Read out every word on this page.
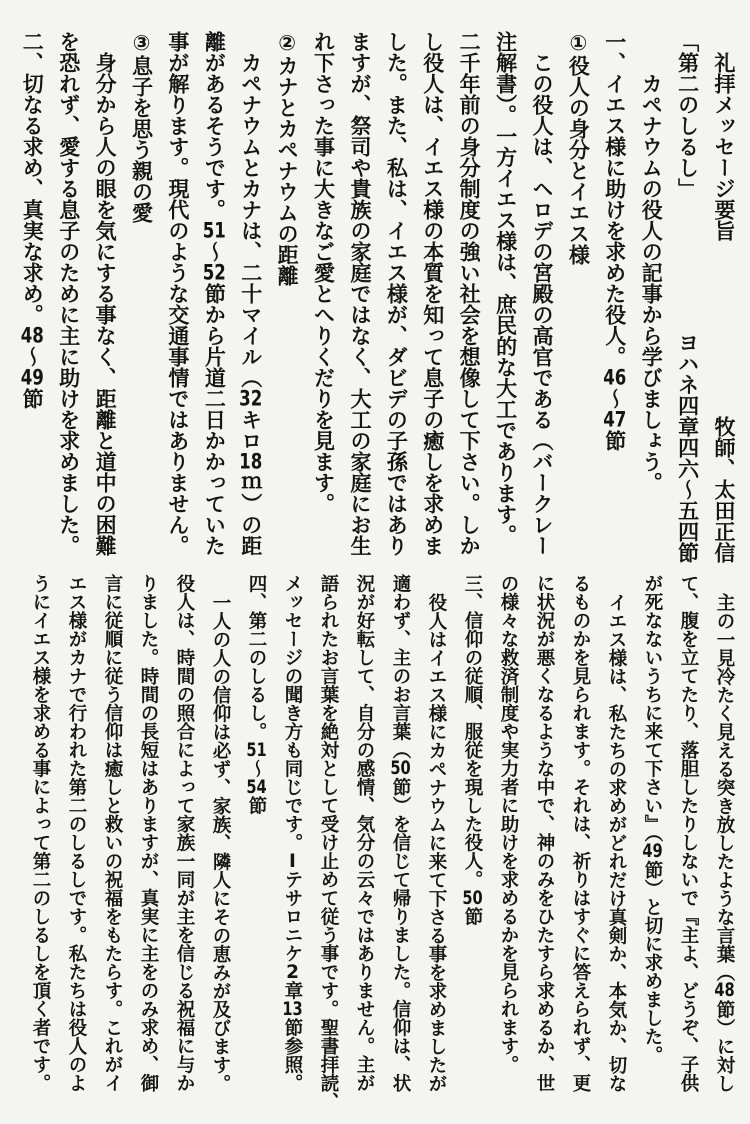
礼拝メッセージ要旨
牧師、太田正信
「第二のしるし」
ヨハネ四章四六～五四節
カペナウムの役人の記事から学びましょう。
一、イエス様に助けを求めた役人。46～47節
①役人の身分とイエス様
この役人は、ヘロデの宮殿の高官である（バークレー
注解書）。一方イエス様は、庶民的な大工であります。
二千年前の身分制度の強い社会を想像して下さい。しか
し役人は、イエス様の本質を知って息子の癒しを求めま
した。また、私は、イエス様が、ダビデの子孫ではあり
ますが、祭司や貴族の家庭ではなく、大工の家庭にお生
れ下さった事に大きなご愛とへりくだりを見ます。
②カナとカペナウムの距離
カペナウムとカナは、二十マイル（32キロ18ｍ）の距
離があるそうです。51～52節から片道二日かかっていた
事が解ります。現代のような交通事情ではありません。
③息子を思う親の愛
身分から人の眼を気にする事なく、距離と道中の困難
を恐れず、愛する息子のために主に助けを求めました。
二、切なる求め、真実な求め。48～49節
主の一見冷たく見える突き放したような言葉（48節）に対し
て、腹を立てたり、落胆したりしないで『主よ、どうぞ、子供
が死なないうちに来て下さい』（49節）と切に求めました。
イエス様は、私たちの求めがどれだけ真剣か、本気か、切な
るものかを見られます。それは、祈りはすぐに答えられず、更
に状況が悪くなるような中で、神のみをひたすら求めるか、世
の様々な救済制度や実力者に助けを求めるかを見られます。
三、信仰の従順、服従を現した役人。50節
役人はイエス様にカペナウムに来て下さる事を求めましたが
適わず、主のお言葉（50節）を信じて帰りました。信仰は、状
況が好転して、自分の感情、気分の云々ではありません。主が
語られたお言葉を絶対として受け止めて従う事です。聖書拝読、
メッセージの聞き方も同じです。Iテサロニケ2章13節参照。
四、第二のしるし。51～54節
一人の人の信仰は必ず、家族、隣人にその恵みが及びます。
役人は、時間の照合によって家族一同が主を信じる祝福に与か
りました。時間の長短はありますが、真実に主をのみ求め、御
言に従順に従う信仰は癒しと救いの祝福をもたらす。これがイ
エス様がカナで行われた第二のしるしです。私たちは役人のよ
うにイエス様を求める事によって第二のしるしを頂く者です。
